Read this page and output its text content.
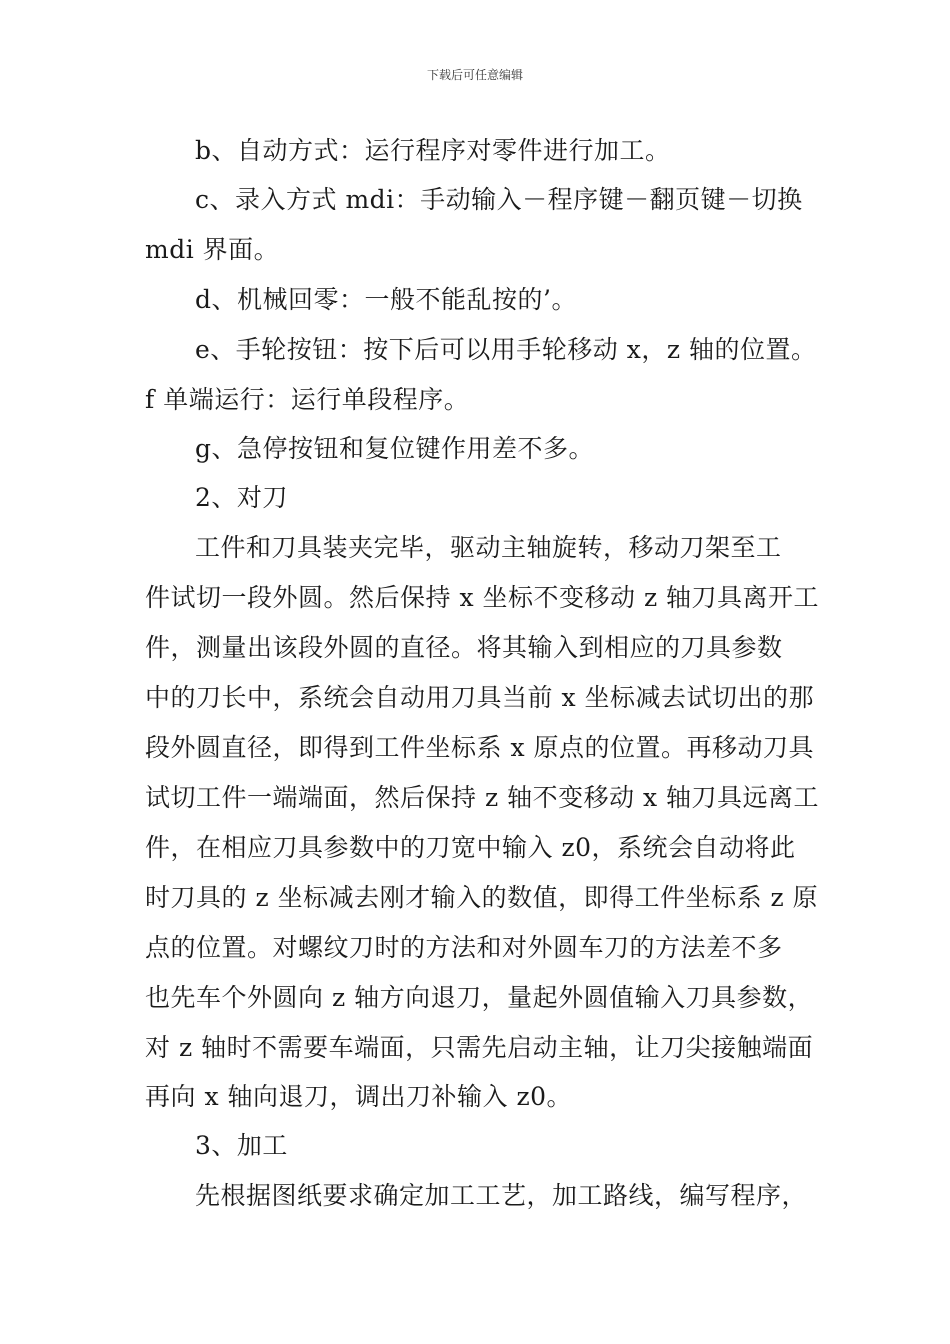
下载后可任意编辑
b、自动方式：运行程序对零件进行加工。
c、录入方式 mdi：手动输入－程序键－翻页键－切换
mdi 界面。
d、机械回零：一般不能乱按的’。
e、手轮按钮：按下后可以用手轮移动 x，z 轴的位置。
f 单端运行：运行单段程序。
g、急停按钮和复位键作用差不多。
2、对刀
工件和刀具装夹完毕，驱动主轴旋转，移动刀架至工
件试切一段外圆。然后保持 x 坐标不变移动 z 轴刀具离开工
件，测量出该段外圆的直径。将其输入到相应的刀具参数
中的刀长中，系统会自动用刀具当前 x 坐标减去试切出的那
段外圆直径，即得到工件坐标系 x 原点的位置。再移动刀具
试切工件一端端面，然后保持 z 轴不变移动 x 轴刀具远离工
件，在相应刀具参数中的刀宽中输入 z0，系统会自动将此
时刀具的 z 坐标减去刚才输入的数值，即得工件坐标系 z 原
点的位置。对螺纹刀时的方法和对外圆车刀的方法差不多
也先车个外圆向 z 轴方向退刀，量起外圆值输入刀具参数，
对 z 轴时不需要车端面，只需先启动主轴，让刀尖接触端面
再向 x 轴向退刀，调出刀补输入 z0。
3、加工
先根据图纸要求确定加工工艺，加工路线，编写程序，
